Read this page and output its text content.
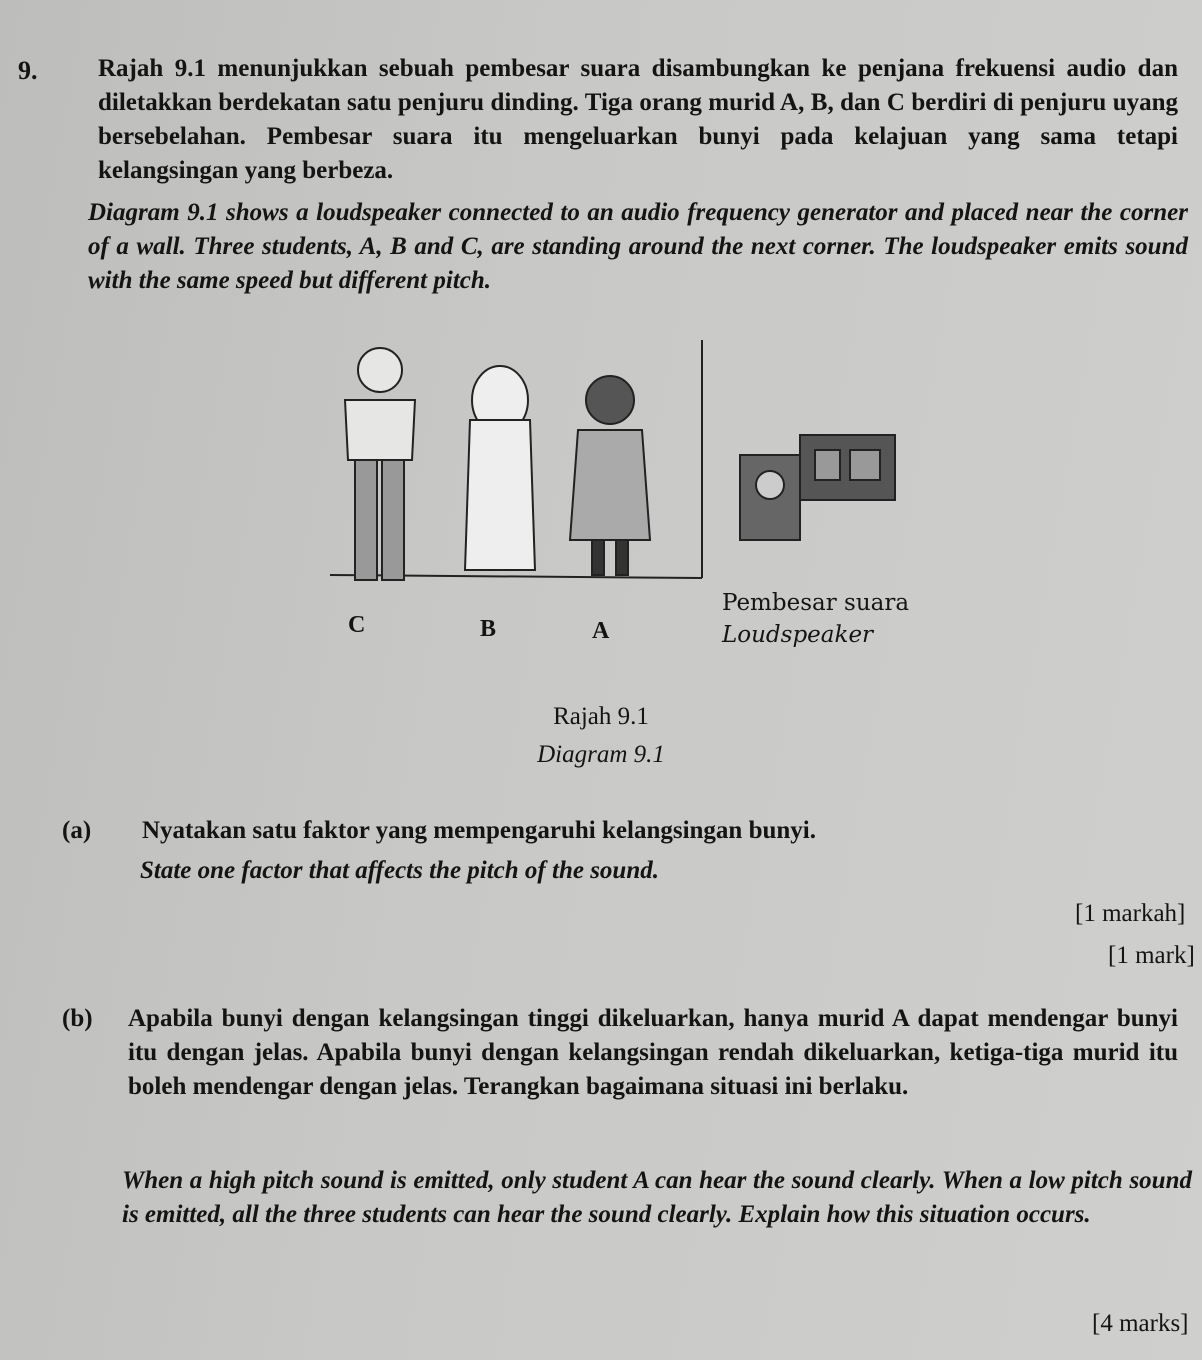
9. Rajah 9.1 menunjukkan sebuah pembesar suara disambungkan ke penjana frekuensi audio dan diletakkan berdekatan satu penjuru dinding. Tiga orang murid A, B, dan C berdiri di penjuru uyang bersebelahan. Pembesar suara itu mengeluarkan bunyi pada kelajuan yang sama tetapi kelangsingan yang berbeza.
Diagram 9.1 shows a loudspeaker connected to an audio frequency generator and placed near the corner of a wall. Three students, A, B and C, are standing around the next corner. The loudspeaker emits sound with the same speed but different pitch.
C	B	A
Pembesar suara
Loudspeaker
Rajah 9.1
Diagram 9.1
(a) Nyatakan satu faktor yang mempengaruhi kelangsingan bunyi.
State one factor that affects the pitch of the sound.
[1 markah]
[1 mark]
(b) Apabila bunyi dengan kelangsingan tinggi dikeluarkan, hanya murid A dapat mendengar bunyi itu dengan jelas. Apabila bunyi dengan kelangsingan rendah dikeluarkan, ketiga-tiga murid itu boleh mendengar dengan jelas. Terangkan bagaimana situasi ini berlaku.
When a high pitch sound is emitted, only student A can hear the sound clearly. When a low pitch sound is emitted, all the three students can hear the sound clearly. Explain how this situation occurs.
[4 marks]
